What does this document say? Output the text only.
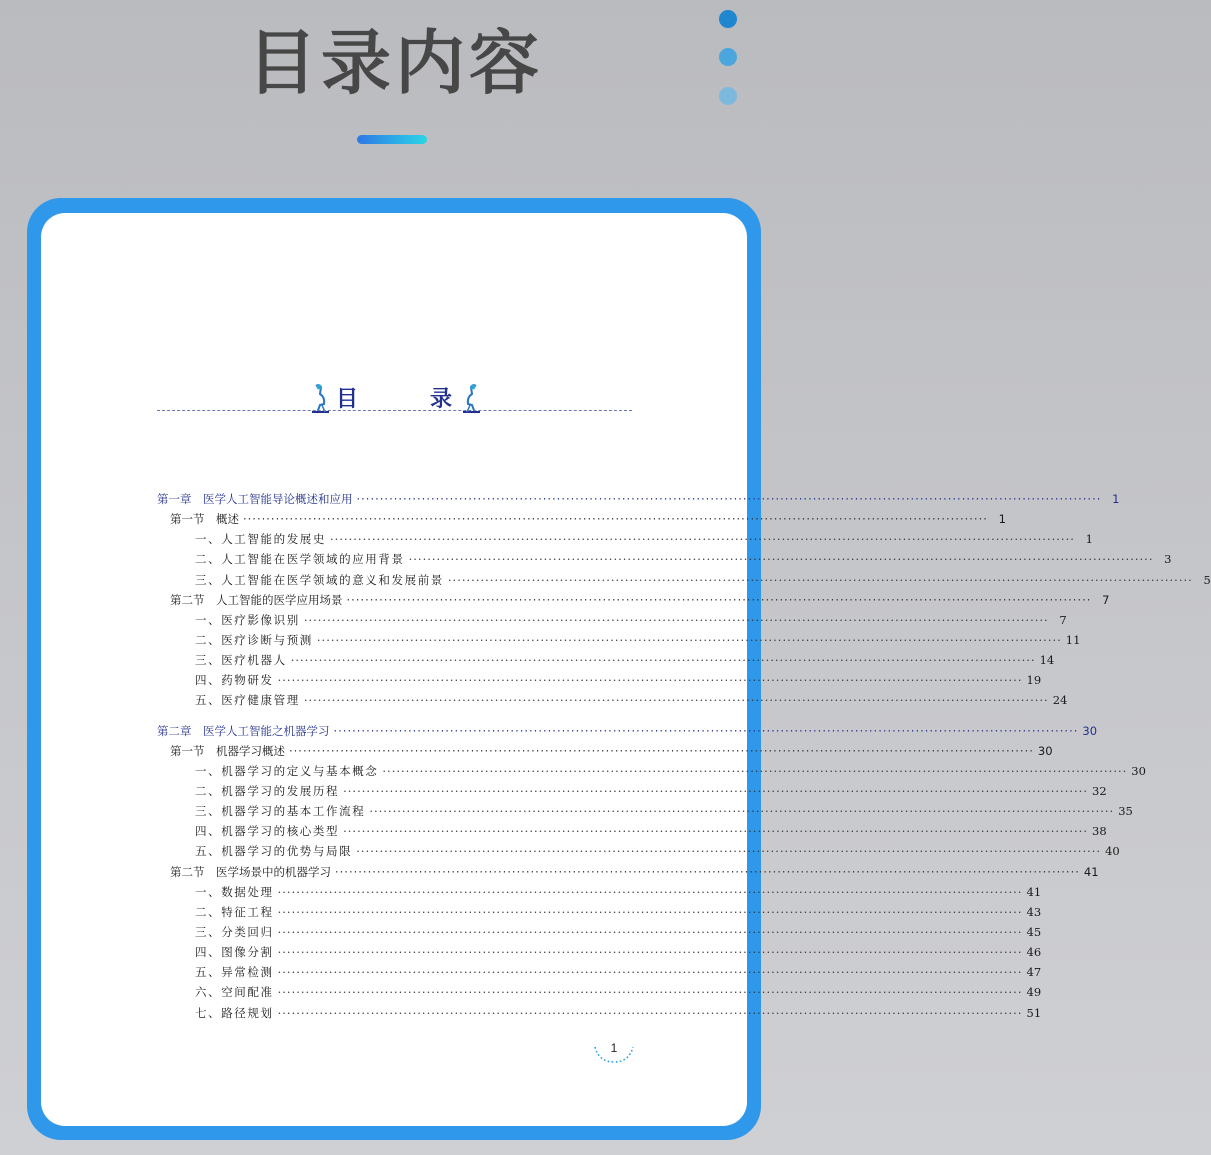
目录内容
目	录
第一章　医学人工智能导论概述和应用 ································································································································································ 1
第一节　概述 ································································································································································ 1
一、人工智能的发展史 ································································································································································ 1
二、人工智能在医学领域的应用背景 ································································································································································ 3
三、人工智能在医学领域的意义和发展前景 ································································································································································ 5
第二节　人工智能的医学应用场景 ································································································································································ 7
一、医疗影像识别 ································································································································································ 7
二、医疗诊断与预测 ································································································································································ 11
三、医疗机器人 ································································································································································ 14
四、药物研发 ································································································································································ 19
五、医疗健康管理 ································································································································································ 24
第二章　医学人工智能之机器学习 ································································································································································ 30
第一节　机器学习概述 ································································································································································ 30
一、机器学习的定义与基本概念 ································································································································································ 30
二、机器学习的发展历程 ································································································································································ 32
三、机器学习的基本工作流程 ································································································································································ 35
四、机器学习的核心类型 ································································································································································ 38
五、机器学习的优势与局限 ································································································································································ 40
第二节　医学场景中的机器学习 ································································································································································ 41
一、数据处理 ································································································································································ 41
二、特征工程 ································································································································································ 43
三、分类回归 ································································································································································ 45
四、图像分割 ································································································································································ 46
五、异常检测 ································································································································································ 47
六、空间配准 ································································································································································ 49
七、路径规划 ································································································································································ 51
1
